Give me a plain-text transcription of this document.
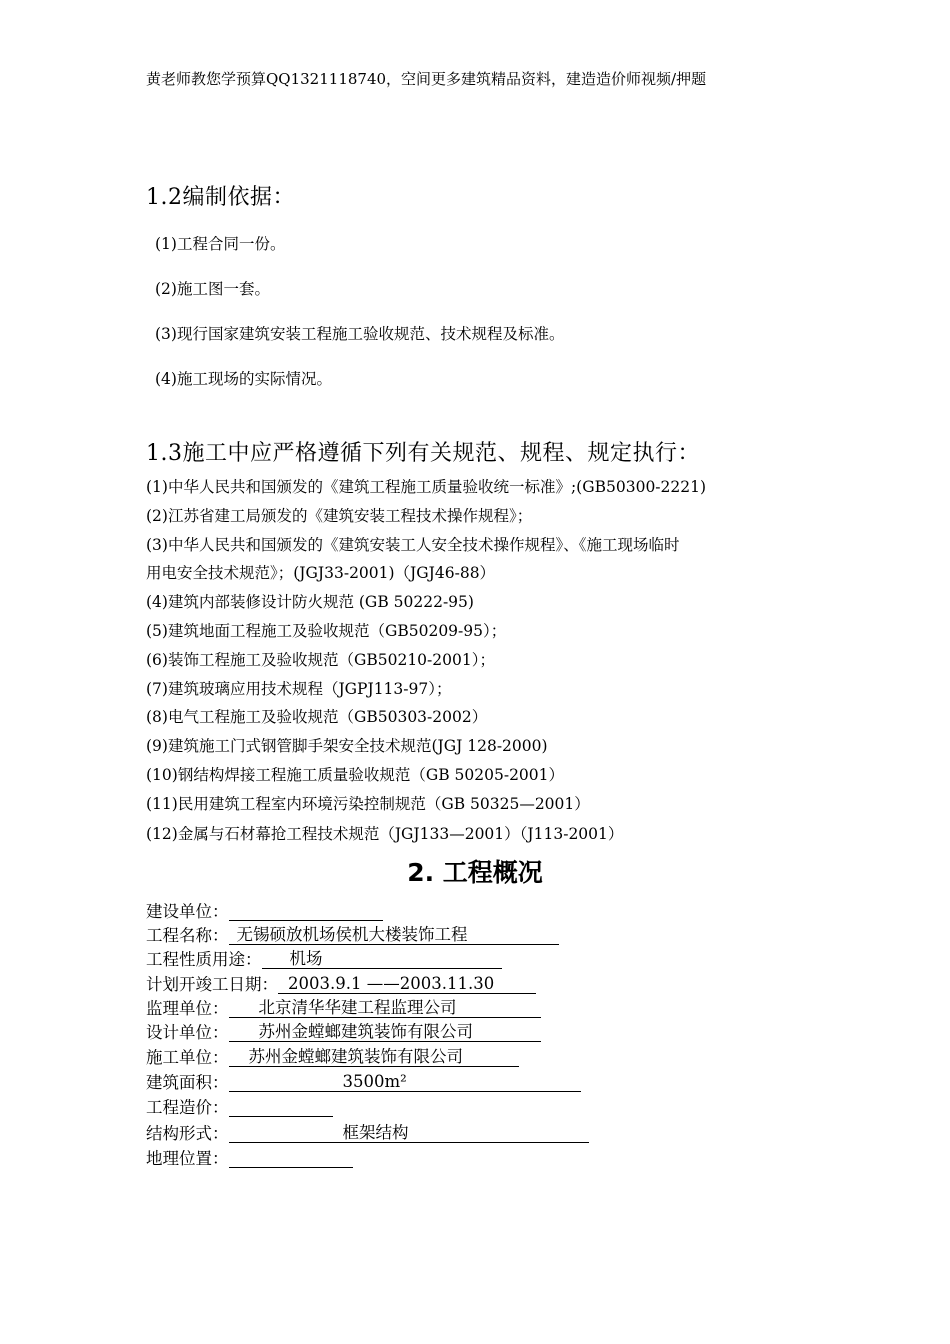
黄老师教您学预算QQ1321118740，空间更多建筑精品资料，建造造价师视频/押题
1.2编制依据：
(1)工程合同一份。
(2)施工图一套。
(3)现行国家建筑安装工程施工验收规范、技术规程及标准。
(4)施工现场的实际情况。
1.3施工中应严格遵循下列有关规范、规程、规定执行：
(1)中华人民共和国颁发的《建筑工程施工质量验收统一标准》;(GB50300-2221)
(2)江苏省建工局颁发的《建筑安装工程技术操作规程》；
(3)中华人民共和国颁发的《建筑安装工人安全技术操作规程》、《施工现场临时
用电安全技术规范》；(JGJ33-2001)（JGJ46-88）
(4)建筑内部装修设计防火规范 (GB 50222-95)
(5)建筑地面工程施工及验收规范（GB50209-95）；
(6)装饰工程施工及验收规范（GB50210-2001）；
(7)建筑玻璃应用技术规程（JGPJ113-97）；
(8)电气工程施工及验收规范（GB50303-2002）
(9)建筑施工门式钢管脚手架安全技术规范(JGJ 128-2000)
(10)钢结构焊接工程施工质量验收规范（GB 50205-2001）
(11)民用建筑工程室内环境污染控制规范（GB 50325—2001）
(12)金属与石材幕抢工程技术规范（JGJ133—2001）（J113-2001）
2. 工程概况
建设单位：
工程名称： 无锡硕放机场侯机大楼装饰工程
工程性质用途： 机场
计划开竣工日期： 2003.9.1 ——2003.11.30
监理单位： 北京清华华建工程监理公司
设计单位： 苏州金螳螂建筑装饰有限公司
施工单位： 苏州金螳螂建筑装饰有限公司
建筑面积：	3500m²
工程造价：
结构形式：	框架结构
地理位置：
